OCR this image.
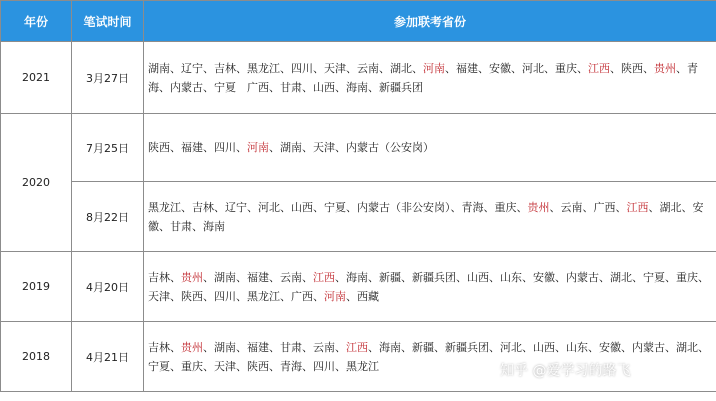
年份	笔试时间	参加联考省份
2021	3月27日	湖南、辽宁、吉林、黑龙江、四川、天津、云南、湖北、河南、福建、安徽、河北、重庆、江西、陕西、贵州、青海、内蒙古、宁夏　广西、甘肃、山西、海南、新疆兵团
2020	7月25日	陕西、福建、四川、河南、湖南、天津、内蒙古（公安岗）
	8月22日	黑龙江、吉林、辽宁、河北、山西、宁夏、内蒙古（非公安岗）、青海、重庆、贵州、云南、广西、江西、湖北、安徽、甘肃、海南
2019	4月20日	吉林、贵州、湖南、福建、云南、江西、海南、新疆、新疆兵团、山西、山东、安徽、内蒙古、湖北、宁夏、重庆、天津、陕西、四川、黑龙江、广西、河南、西藏
2018	4月21日	吉林、贵州、湖南、福建、甘肃、云南、江西、海南、新疆、新疆兵团、河北、山西、山东、安徽、内蒙古、湖北、宁夏、重庆、天津、陕西、青海、四川、黑龙江	知乎 @爱学习的路飞
